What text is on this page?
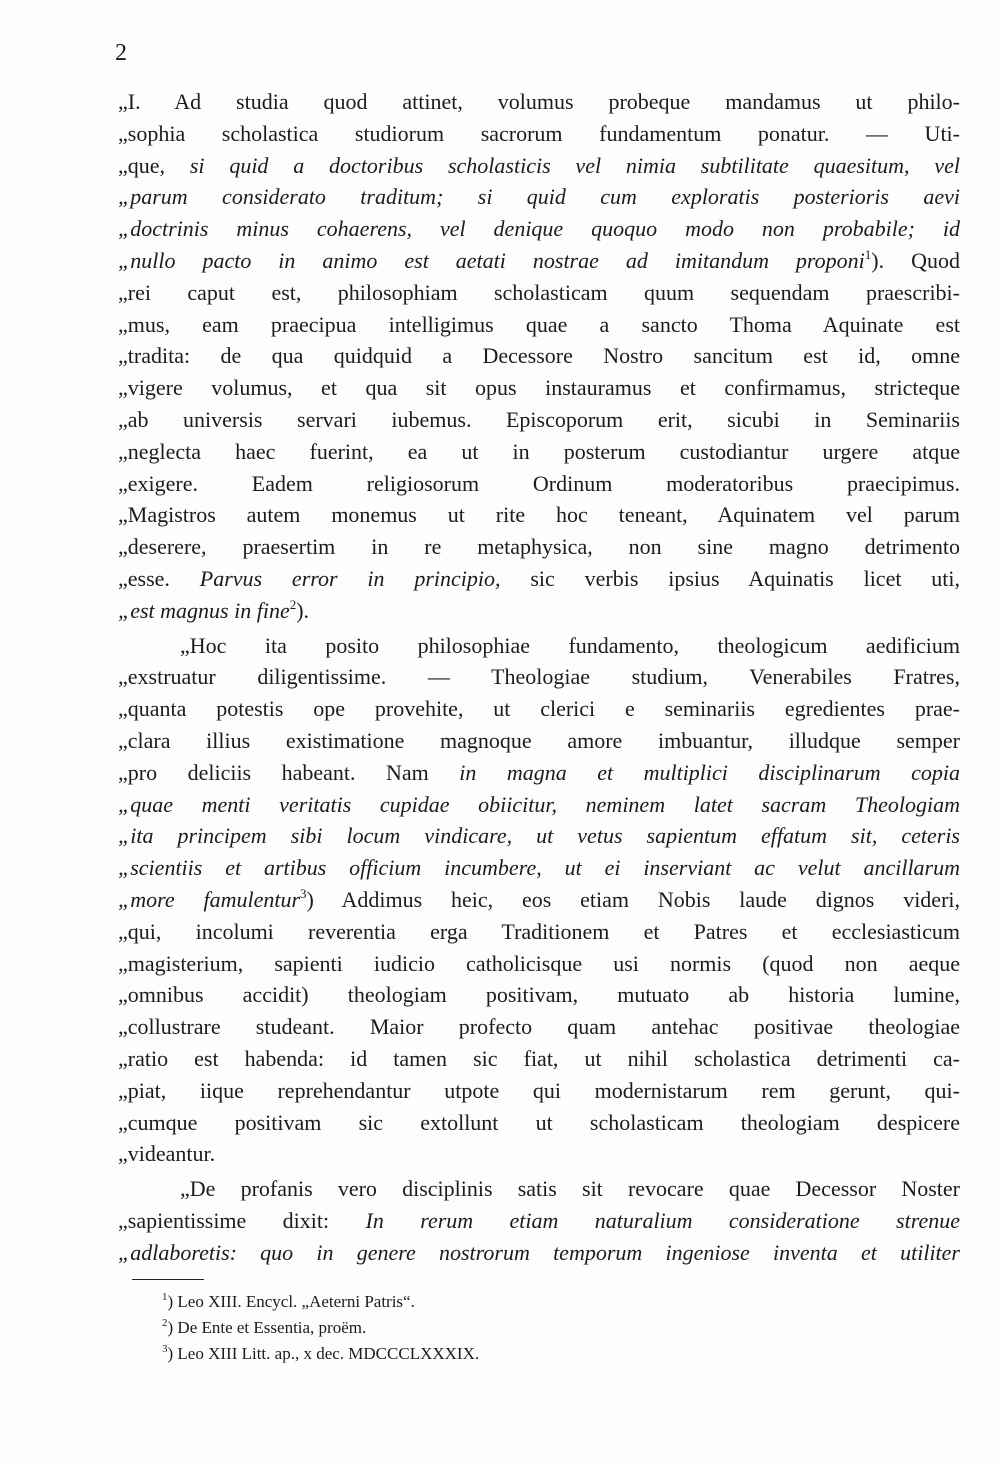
2
„I. Ad studia quod attinet, volumus probeque mandamus ut philo-
„sophia scholastica studiorum sacrorum fundamentum ponatur. — Uti-
„que, si quid a doctoribus scholasticis vel nimia subtilitate quaesitum, vel
„parum considerato traditum; si quid cum exploratis posterioris aevi
„doctrinis minus cohaerens, vel denique quoquo modo non probabile; id
„nullo pacto in animo est aetati nostrae ad imitandum proponi$^1$). Quod
„rei caput est, philosophiam scholasticam quum sequendam praescribi-
„mus, eam praecipua intelligimus quae a sancto Thoma Aquinate est
„tradita: de qua quidquid a Decessore Nostro sancitum est id, omne
„vigere volumus, et qua sit opus instauramus et confirmamus, stricteque
„ab universis servari iubemus. Episcoporum erit, sicubi in Seminariis
„neglecta haec fuerint, ea ut in posterum custodiantur urgere atque
„exigere. Eadem religiosorum Ordinum moderatoribus praecipimus.
„Magistros autem monemus ut rite hoc teneant, Aquinatem vel parum
„deserere, praesertim in re metaphysica, non sine magno detrimento
„esse. Parvus error in principio, sic verbis ipsius Aquinatis licet uti,
„est magnus in fine$^2$).
„Hoc ita posito philosophiae fundamento, theologicum aedificium
„exstruatur diligentissime. — Theologiae studium, Venerabiles Fratres,
„quanta potestis ope provehite, ut clerici e seminariis egredientes prae-
„clara illius existimatione magnoque amore imbuantur, illudque semper
„pro deliciis habeant. Nam in magna et multiplici disciplinarum copia
„quae menti veritatis cupidae obiicitur, neminem latet sacram Theologiam
„ita principem sibi locum vindicare, ut vetus sapientum effatum sit, ceteris
„scientiis et artibus officium incumbere, ut ei inserviant ac velut ancillarum
„more famulentur$^3$) Addimus heic, eos etiam Nobis laude dignos videri,
„qui, incolumi reverentia erga Traditionem et Patres et ecclesiasticum
„magisterium, sapienti iudicio catholicisque usi normis (quod non aeque
„omnibus accidit) theologiam positivam, mutuato ab historia lumine,
„collustrare studeant. Maior profecto quam antehac positivae theologiae
„ratio est habenda: id tamen sic fiat, ut nihil scholastica detrimenti ca-
„piat, iique reprehendantur utpote qui modernistarum rem gerunt, qui-
„cumque positivam sic extollunt ut scholasticam theologiam despicere
„videantur.
„De profanis vero disciplinis satis sit revocare quae Decessor Noster
„sapientissime dixit: In rerum etiam naturalium consideratione strenue
„adlaboretis: quo in genere nostrorum temporum ingeniose inventa et utiliter
$^1$) Leo XIII. Encycl. „Aeterni Patris“.
$^2$) De Ente et Essentia, proëm.
$^3$) Leo XIII Litt. ap., x dec. MDCCCLXXXIX.
